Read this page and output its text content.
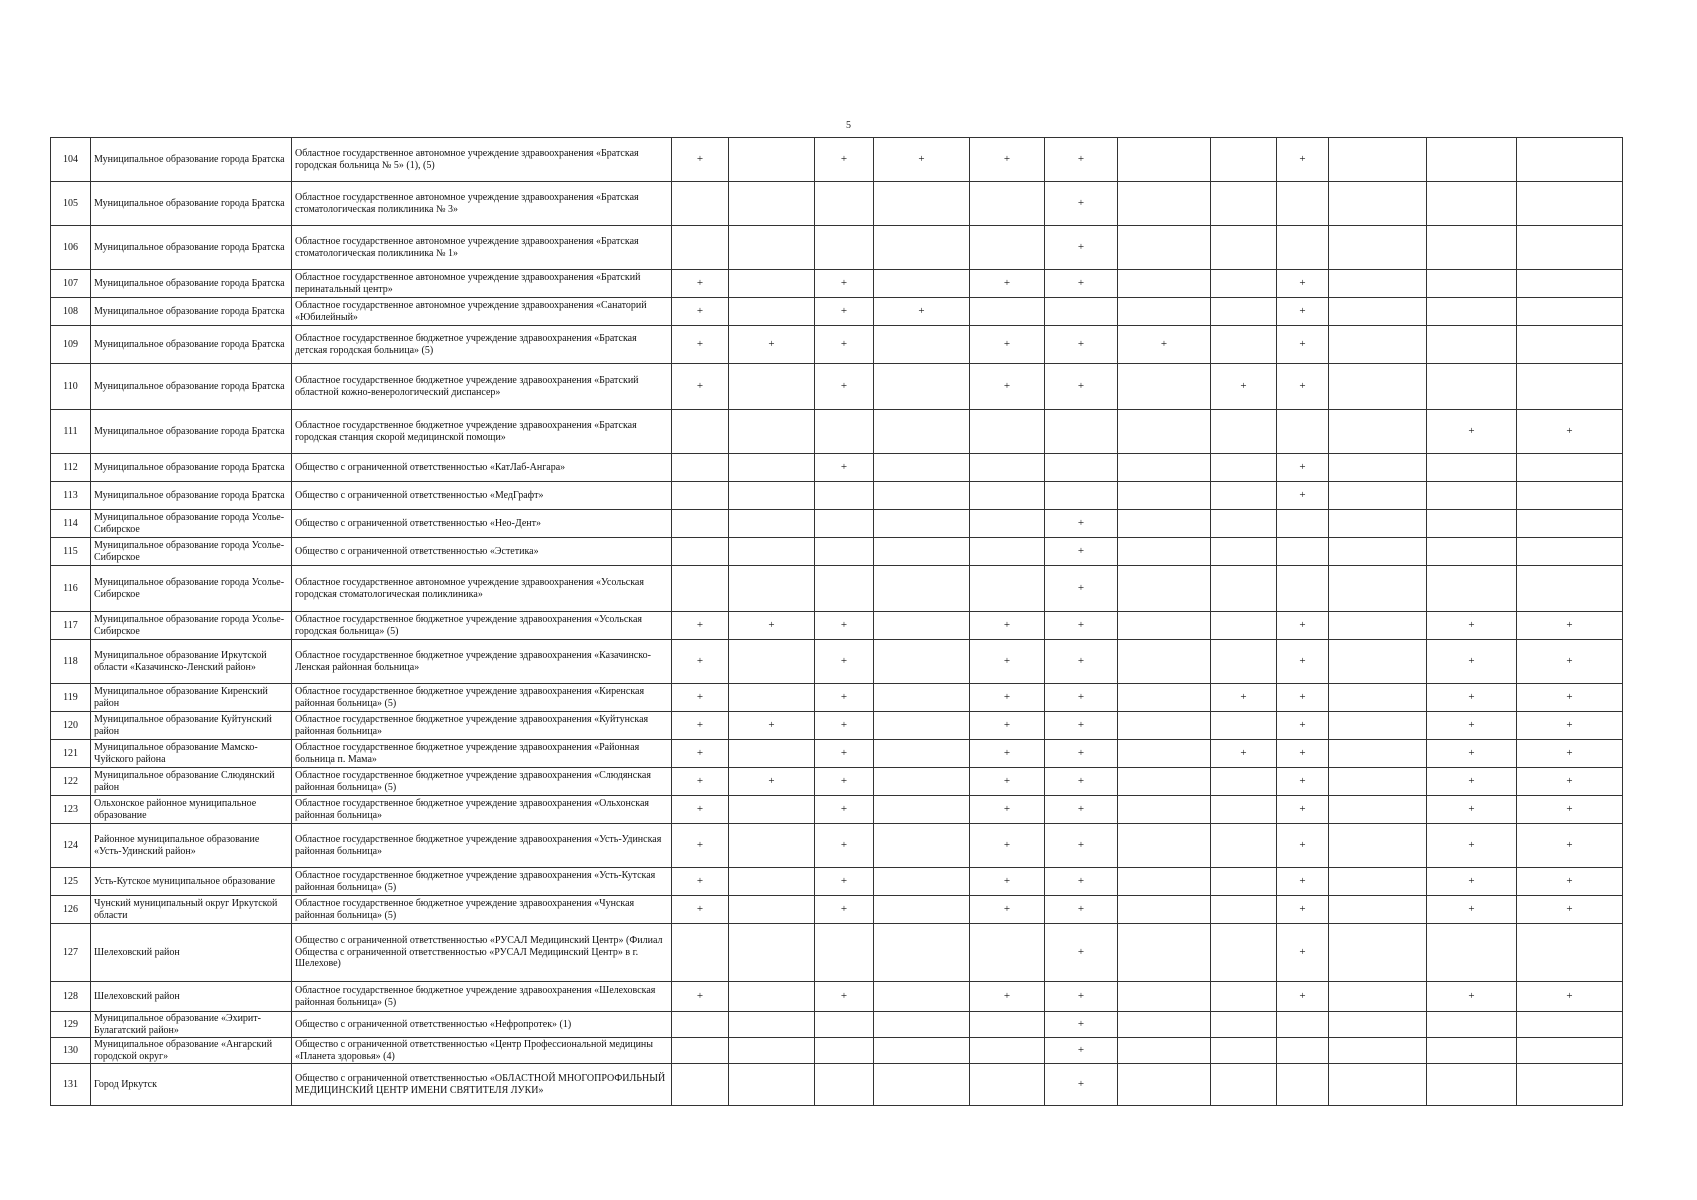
5
104	Муниципальное образование города Братска	Областное государственное автономное учреждение здравоохранения «Братская городская больница № 5» (1), (5)	+		+	+	+	+			+			
105	Муниципальное образование города Братска	Областное государственное автономное учреждение здравоохранения «Братская стоматологическая поликлиника № 3»						+						
106	Муниципальное образование города Братска	Областное государственное автономное учреждение здравоохранения «Братская стоматологическая поликлиника № 1»						+						
107	Муниципальное образование города Братска	Областное государственное автономное учреждение здравоохранения «Братский перинатальный центр»	+		+		+	+			+			
108	Муниципальное образование города Братска	Областное государственное автономное учреждение здравоохранения «Санаторий «Юбилейный»	+		+	+					+			
109	Муниципальное образование города Братска	Областное государственное бюджетное учреждение здравоохранения «Братская детская городская больница» (5)	+	+	+		+	+	+		+			
110	Муниципальное образование города Братска	Областное государственное бюджетное учреждение здравоохранения «Братский областной кожно-венерологический диспансер»	+		+		+	+		+	+			
111	Муниципальное образование города Братска	Областное государственное бюджетное учреждение здравоохранения «Братская городская станция скорой медицинской помощи»											+	+
112	Муниципальное образование города Братска	Общество с ограниченной ответственностью «КатЛаб-Ангара»			+						+			
113	Муниципальное образование города Братска	Общество с ограниченной ответственностью «МедГрафт»									+			
114	Муниципальное образование города Усолье-Сибирское	Общество с ограниченной ответственностью «Нео-Дент»						+						
115	Муниципальное образование города Усолье-Сибирское	Общество с ограниченной ответственностью «Эстетика»						+						
116	Муниципальное образование города Усолье-Сибирское	Областное государственное автономное учреждение здравоохранения «Усольская городская стоматологическая поликлиника»						+						
117	Муниципальное образование города Усолье-Сибирское	Областное государственное бюджетное учреждение здравоохранения «Усольская городская больница» (5)	+	+	+		+	+			+		+	+
118	Муниципальное образование Иркутской области «Казачинско-Ленский район»	Областное государственное бюджетное учреждение здравоохранения «Казачинско-Ленская районная больница»	+		+		+	+			+		+	+
119	Муниципальное образование Киренский район	Областное государственное бюджетное учреждение здравоохранения «Киренская районная больница» (5)	+		+		+	+		+	+		+	+
120	Муниципальное образование Куйтунский район	Областное государственное бюджетное учреждение здравоохранения «Куйтунская районная больница»	+	+	+		+	+			+		+	+
121	Муниципальное образование Мамско-Чуйского района	Областное государственное бюджетное учреждение здравоохранения «Районная больница п. Мама»	+		+		+	+		+	+		+	+
122	Муниципальное образование Слюдянский район	Областное государственное бюджетное учреждение здравоохранения «Слюдянская районная больница» (5)	+	+	+		+	+			+		+	+
123	Ольхонское районное муниципальное образование	Областное государственное бюджетное учреждение здравоохранения «Ольхонская районная больница»	+		+		+	+			+		+	+
124	Районное муниципальное образование «Усть-Удинский район»	Областное государственное бюджетное учреждение здравоохранения «Усть-Удинская районная больница»	+		+		+	+			+		+	+
125	Усть-Кутское муниципальное образование	Областное государственное бюджетное учреждение здравоохранения «Усть-Кутская районная больница» (5)	+		+		+	+			+		+	+
126	Чунский муниципальный округ Иркутской области	Областное государственное бюджетное учреждение здравоохранения «Чунская районная больница» (5)	+		+		+	+			+		+	+
127	Шелеховский район	Общество с ограниченной ответственностью «РУСАЛ Медицинский Центр» (Филиал Общества с ограниченной ответственностью «РУСАЛ Медицинский Центр» в г. Шелехове)						+			+			
128	Шелеховский район	Областное государственное бюджетное учреждение здравоохранения «Шелеховская районная больница» (5)	+		+		+	+			+		+	+
129	Муниципальное образование «Эхирит-Булагатский район»	Общество с ограниченной ответственностью «Нефропротек» (1)						+						
130	Муниципальное образование «Ангарский городской округ»	Общество с ограниченной ответственностью «Центр Профессиональной медицины «Планета здоровья» (4)						+						
131	Город Иркутск	Общество с ограниченной ответственностью «ОБЛАСТНОЙ МНОГОПРОФИЛЬНЫЙ МЕДИЦИНСКИЙ ЦЕНТР ИМЕНИ СВЯТИТЕЛЯ ЛУКИ»						+						
